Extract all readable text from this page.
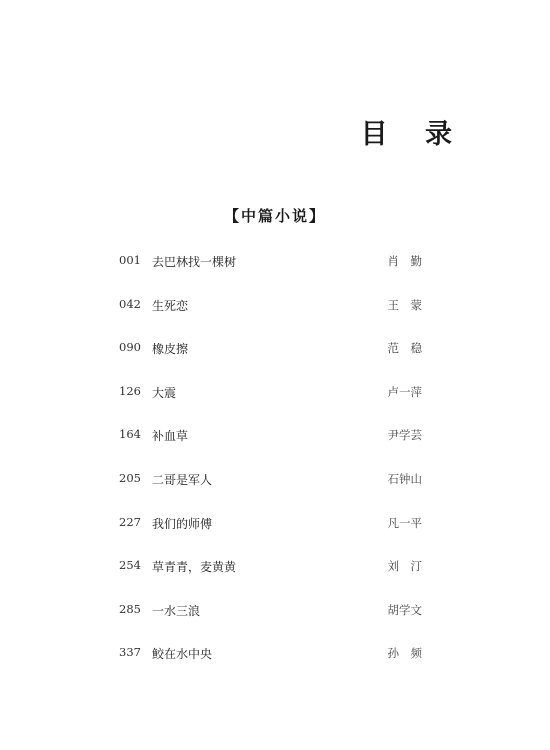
目 录
【中篇小说】
001 去巴林找一棵树	肖　勤
042 生死恋	王　蒙
090 橡皮擦	范　稳
126 大震	卢一萍
164 补血草	尹学芸
205 二哥是军人	石钟山
227 我们的师傅	凡一平
254 草青青，麦黄黄	刘　汀
285 一水三浪	胡学文
337 鲛在水中央	孙　频
